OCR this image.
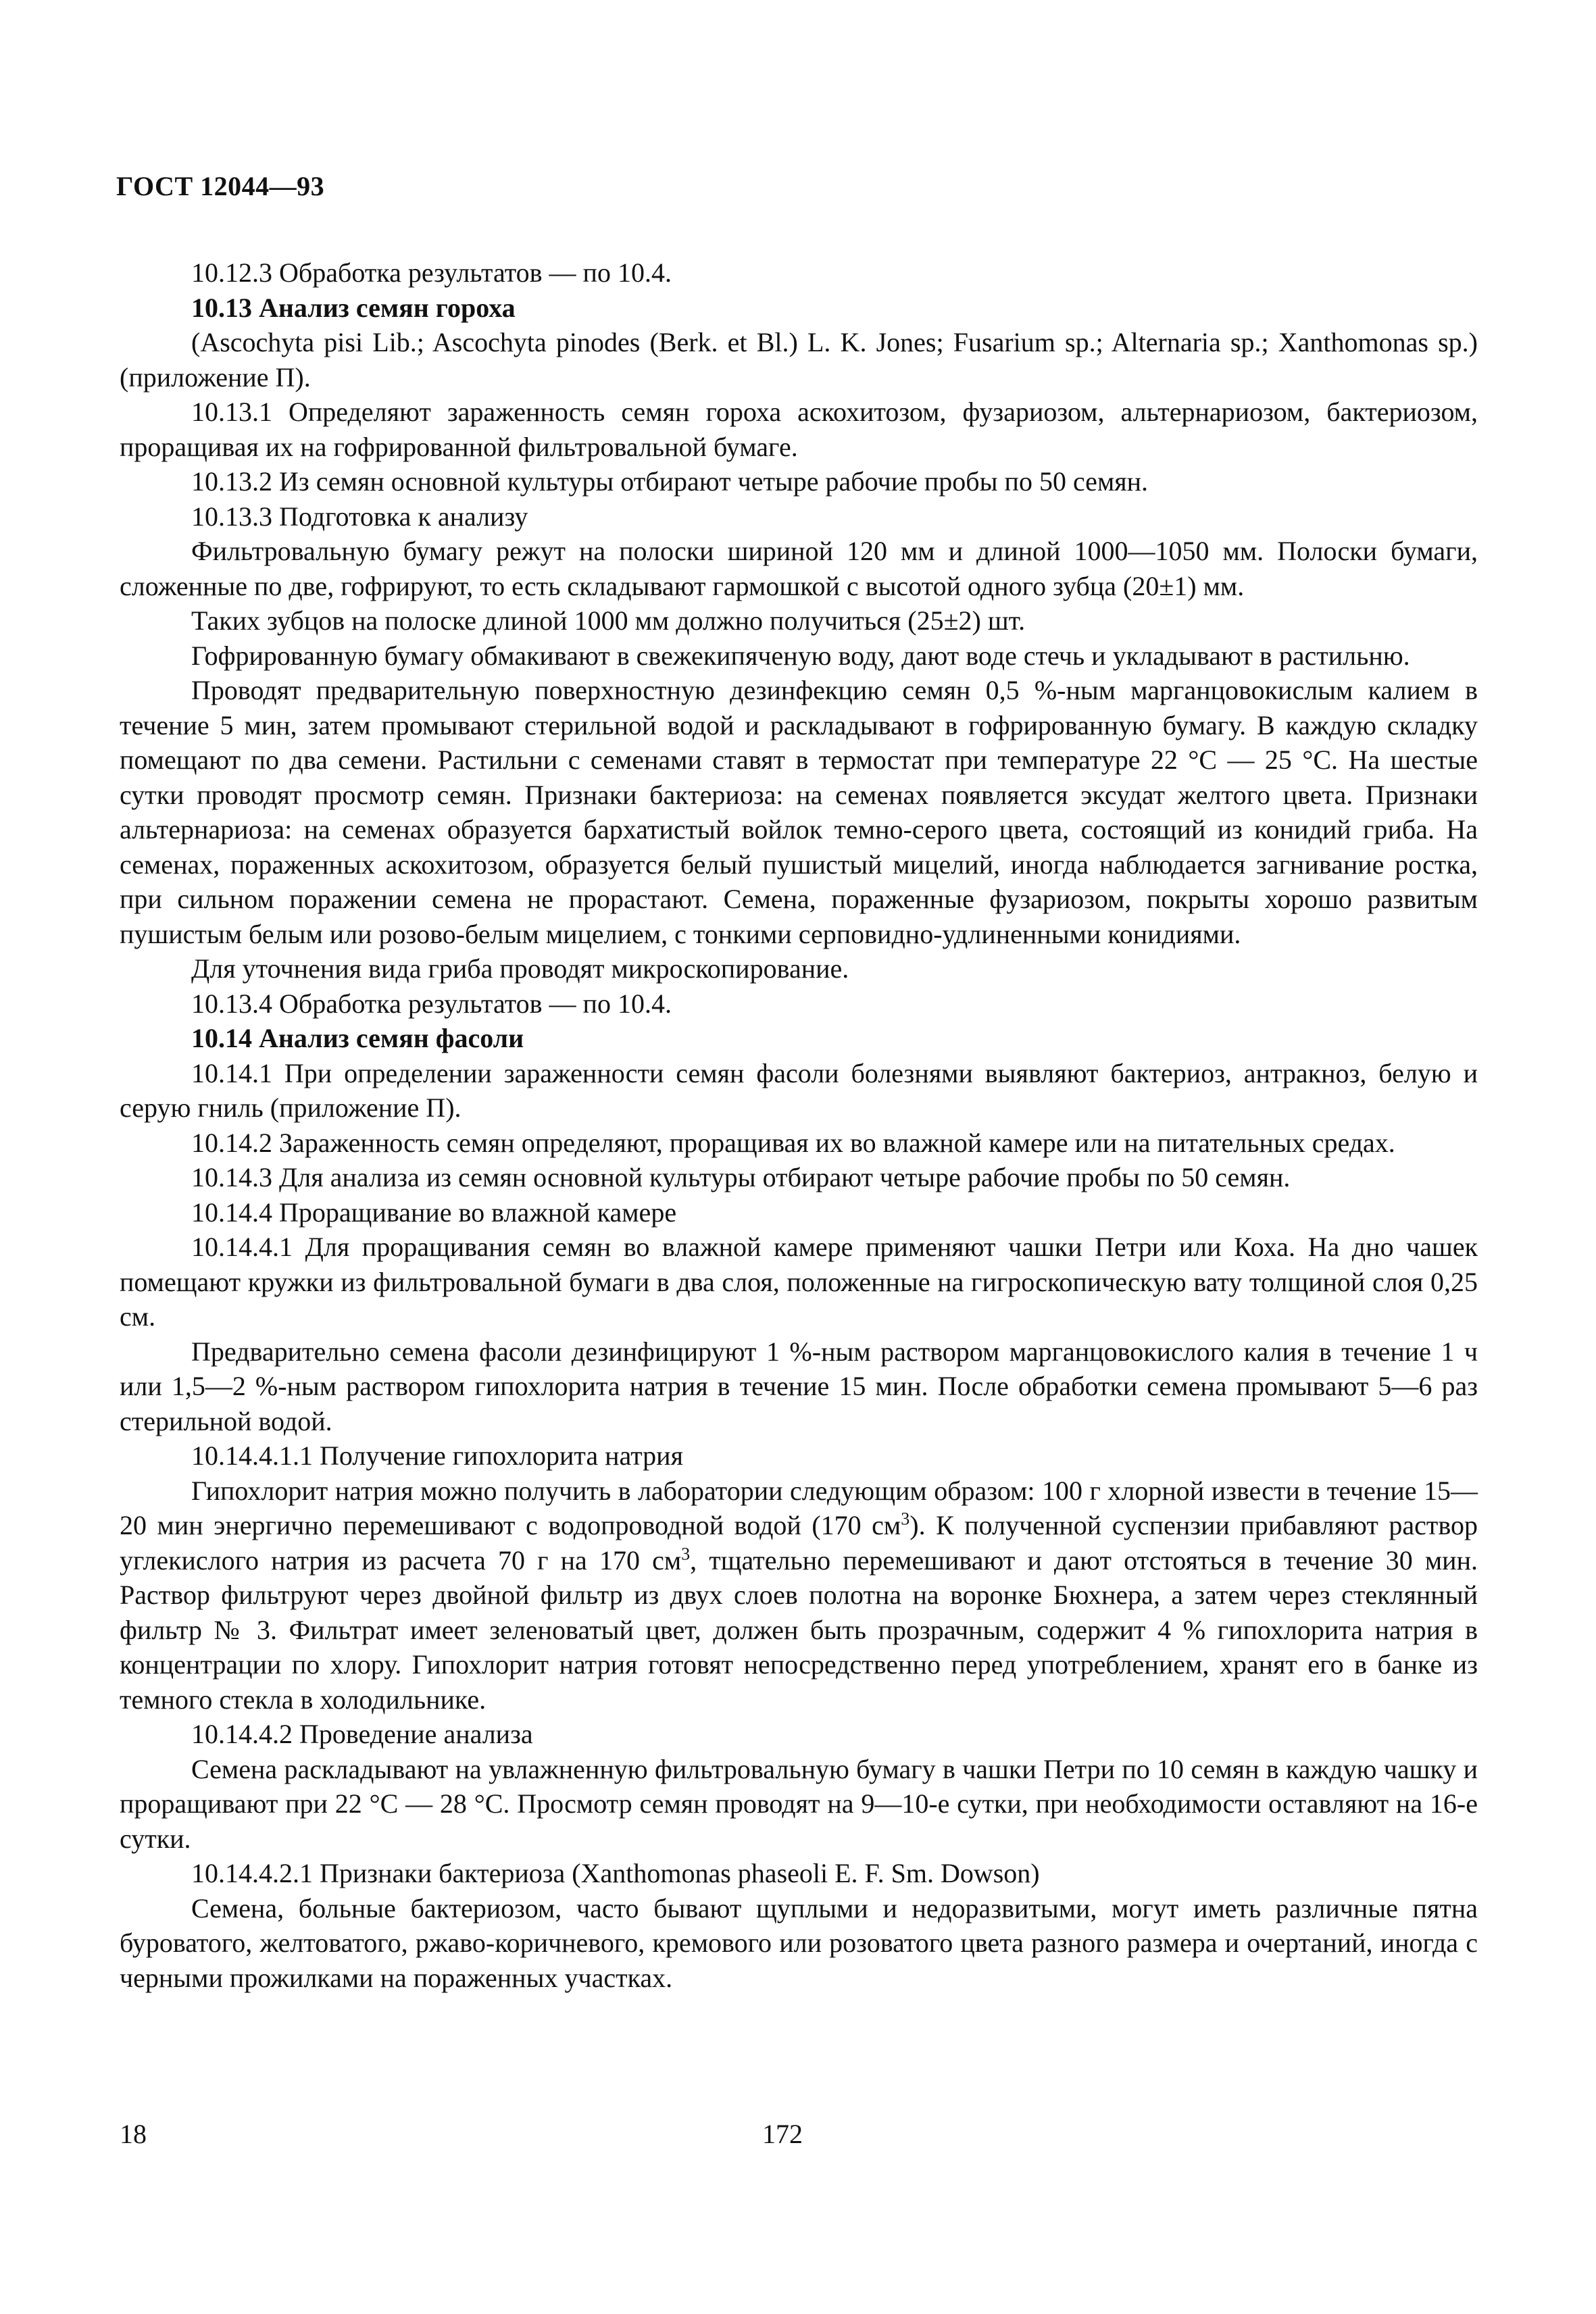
ГОСТ 12044—93

10.12.3 Обработка результатов — по 10.4.

10.13 Анализ семян гороха

(Ascochyta pisi Lib.; Ascochyta pinodes (Berk. et Bl.) L. K. Jones; Fusarium sp.; Alternaria sp.; Xanthomonas sp.) (приложение П).

10.13.1 Определяют зараженность семян гороха аскохитозом, фузариозом, альтернариозом, бактериозом, проращивая их на гофрированной фильтровальной бумаге.

10.13.2 Из семян основной культуры отбирают четыре рабочие пробы по 50 семян.

10.13.3 Подготовка к анализу

Фильтровальную бумагу режут на полоски шириной 120 мм и длиной 1000—1050 мм. Полоски бумаги, сложенные по две, гофрируют, то есть складывают гармошкой с высотой одного зубца (20±1) мм.

Таких зубцов на полоске длиной 1000 мм должно получиться (25±2) шт.

Гофрированную бумагу обмакивают в свежекипяченую воду, дают воде стечь и укладывают в растильню.

Проводят предварительную поверхностную дезинфекцию семян 0,5 %-ным марганцовокислым калием в течение 5 мин, затем промывают стерильной водой и раскладывают в гофрированную бумагу. В каждую складку помещают по два семени. Растильни с семенами ставят в термостат при температуре 22 °С — 25 °С. На шестые сутки проводят просмотр семян. Признаки бактериоза: на семенах появляется эксудат желтого цвета. Признаки альтернариоза: на семенах образуется бархатистый войлок темно-серого цвета, состоящий из конидий гриба. На семенах, пораженных аскохитозом, образуется белый пушистый мицелий, иногда наблюдается загнивание ростка, при сильном поражении семена не прорастают. Семена, пораженные фузариозом, покрыты хорошо развитым пушистым белым или розово-белым мицелием, с тонкими серповидно-удлиненными конидиями.

Для уточнения вида гриба проводят микроскопирование.

10.13.4 Обработка результатов — по 10.4.

10.14 Анализ семян фасоли

10.14.1 При определении зараженности семян фасоли болезнями выявляют бактериоз, антракноз, белую и серую гниль (приложение П).

10.14.2 Зараженность семян определяют, проращивая их во влажной камере или на питательных средах.

10.14.3 Для анализа из семян основной культуры отбирают четыре рабочие пробы по 50 семян.

10.14.4 Проращивание во влажной камере

10.14.4.1 Для проращивания семян во влажной камере применяют чашки Петри или Коха. На дно чашек помещают кружки из фильтровальной бумаги в два слоя, положенные на гигроскопическую вату толщиной слоя 0,25 см.

Предварительно семена фасоли дезинфицируют 1 %-ным раствором марганцовокислого калия в течение 1 ч или 1,5—2 %-ным раствором гипохлорита натрия в течение 15 мин. После обработки семена промывают 5—6 раз стерильной водой.

10.14.4.1.1 Получение гипохлорита натрия

Гипохлорит натрия можно получить в лаборатории следующим образом: 100 г хлорной извести в течение 15—20 мин энергично перемешивают с водопроводной водой (170 $см^3$). К полученной суспензии прибавляют раствор углекислого натрия из расчета 70 г на 170 $см^3$, тщательно перемешивают и дают отстояться в течение 30 мин. Раствор фильтруют через двойной фильтр из двух слоев полотна на воронке Бюхнера, а затем через стеклянный фильтр № 3. Фильтрат имеет зеленоватый цвет, должен быть прозрачным, содержит 4 % гипохлорита натрия в концентрации по хлору. Гипохлорит натрия готовят непосредственно перед употреблением, хранят его в банке из темного стекла в холодильнике.

10.14.4.2 Проведение анализа

Семена раскладывают на увлажненную фильтровальную бумагу в чашки Петри по 10 семян в каждую чашку и проращивают при 22 °С — 28 °С. Просмотр семян проводят на 9—10-е сутки, при необходимости оставляют на 16-е сутки.

10.14.4.2.1 Признаки бактериоза (Xanthomonas phaseoli E. F. Sm. Dowson)

Семена, больные бактериозом, часто бывают щуплыми и недоразвитыми, могут иметь различные пятна буроватого, желтоватого, ржаво-коричневого, кремового или розоватого цвета разного размера и очертаний, иногда с черными прожилками на пораженных участках.

18	172
